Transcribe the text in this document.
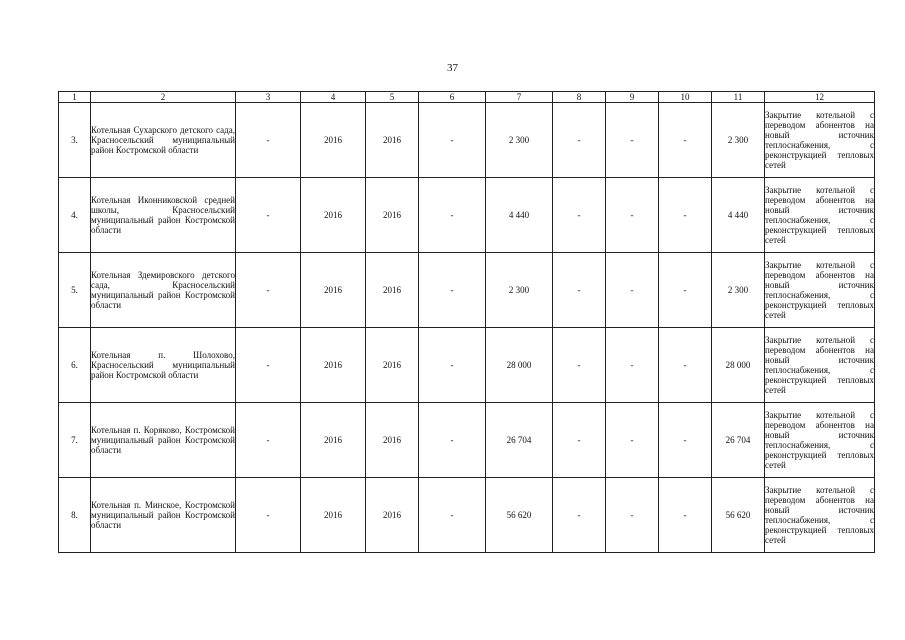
37
1	2	3	4	5	6	7	8	9	10	11	12
3.	Котельная Сухарского детского сада, Красносельский муниципальный район Костромской области	-	2016	2016	-	2 300	-	-	-	2 300	Закрытие котельной с переводом абонентов на новый источник теплоснабжения, с реконструкцией тепловых сетей
4.	Котельная Иконниковской средней школы, Красносельский муниципальный район Костромской области	-	2016	2016	-	4 440	-	-	-	4 440	Закрытие котельной с переводом абонентов на новый источник теплоснабжения, с реконструкцией тепловых сетей
5.	Котельная Здемировского детского сада, Красносельский муниципальный район Костромской области	-	2016	2016	-	2 300	-	-	-	2 300	Закрытие котельной с переводом абонентов на новый источник теплоснабжения, с реконструкцией тепловых сетей
6.	Котельная п. Шолохово, Красносельский муниципальный район Костромской области	-	2016	2016	-	28 000	-	-	-	28 000	Закрытие котельной с переводом абонентов на новый источник теплоснабжения, с реконструкцией тепловых сетей
7.	Котельная п. Коряково, Костромской муниципальный район Костромской области	-	2016	2016	-	26 704	-	-	-	26 704	Закрытие котельной с переводом абонентов на новый источник теплоснабжения, с реконструкцией тепловых сетей
8.	Котельная п. Минское, Костромской муниципальный район Костромской области	-	2016	2016	-	56 620	-	-	-	56 620	Закрытие котельной с переводом абонентов на новый источник теплоснабжения, с реконструкцией тепловых сетей
